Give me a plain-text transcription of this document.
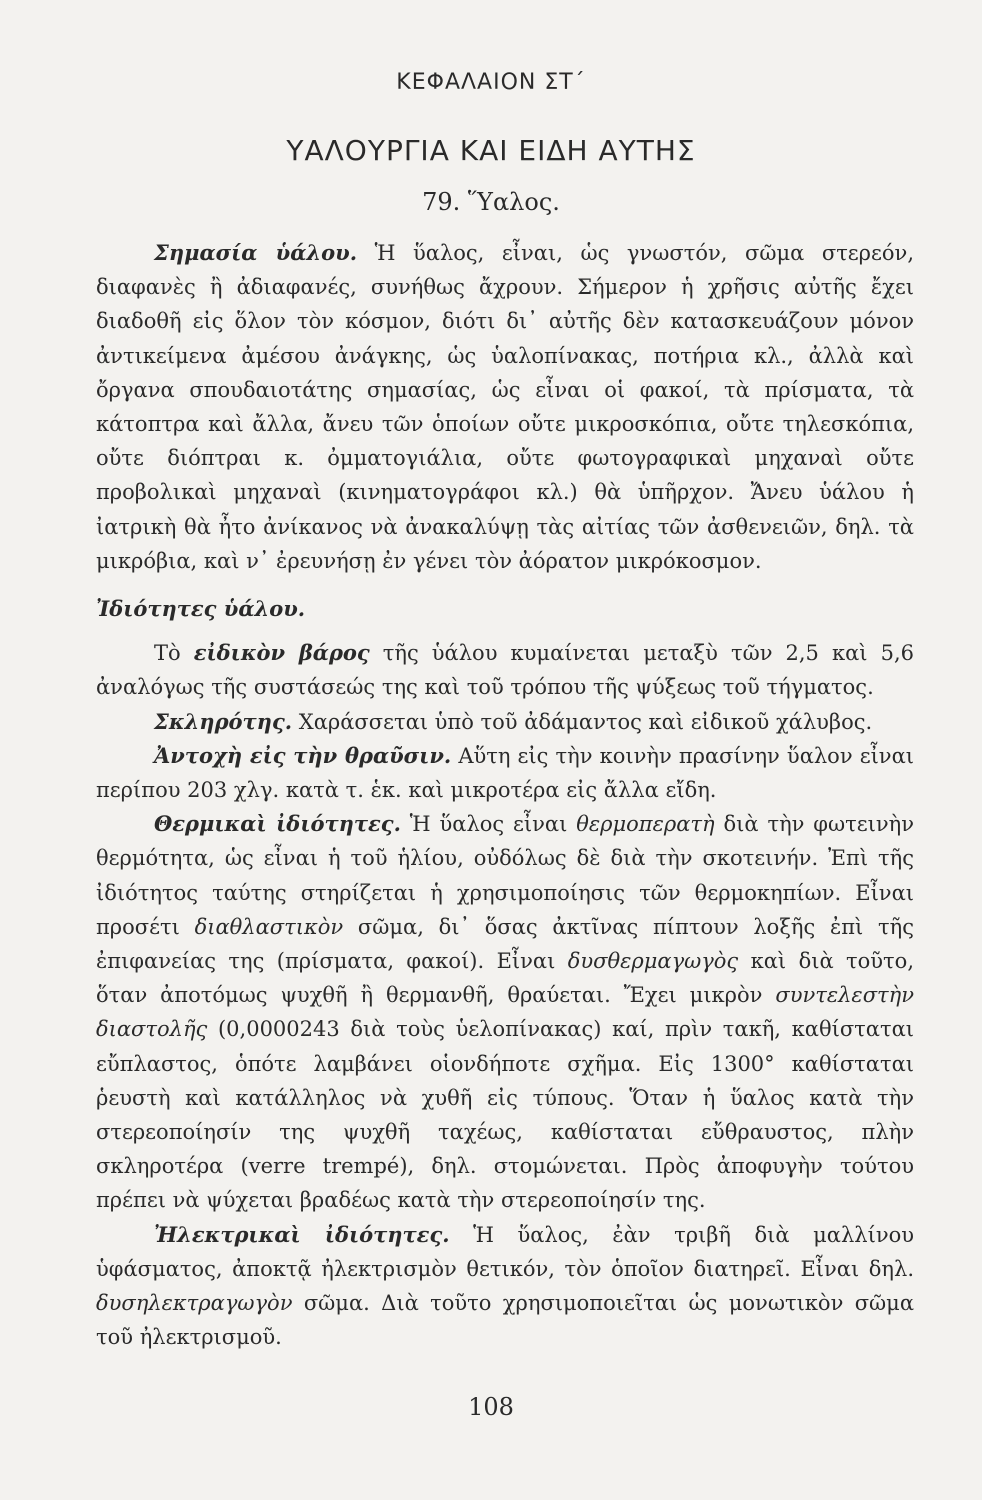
ΚΕΦΑΛΑΙΟΝ ΣΤ΄
ΥΑΛΟΥΡΓΙΑ ΚΑΙ ΕΙΔΗ ΑΥΤΗΣ
79. Ὕαλος.

Σημασία ὑάλου. Ἡ ὕαλος, εἶναι, ὡς γνωστόν, σῶμα στερεόν, διαφανὲς ἢ ἀδιαφανές, συνήθως ἄχρουν. Σήμερον ἡ χρῆσις αὐτῆς ἔχει διαδοθῆ εἰς ὅλον τὸν κόσμον, διότι δι᾽ αὐτῆς δὲν κατασκευάζουν μόνον ἀντικείμενα ἀμέσου ἀνάγκης, ὡς ὑαλοπίνακας, ποτήρια κλ., ἀλλὰ καὶ ὄργανα σπουδαιοτάτης σημασίας, ὡς εἶναι οἱ φακοί, τὰ πρίσματα, τὰ κάτοπτρα καὶ ἄλλα, ἄνευ τῶν ὁποίων οὔτε μικροσκόπια, οὔτε τηλεσκόπια, οὔτε διόπτραι κ. ὀμματογιάλια, οὔτε φωτογραφικαὶ μηχαναὶ οὔτε προβολικαὶ μηχαναὶ (κινηματογράφοι κλ.) θὰ ὑπῆρχον. Ἄνευ ὑάλου ἡ ἰατρικὴ θὰ ἦτο ἀνίκανος νὰ ἀνακαλύψῃ τὰς αἰτίας τῶν ἀσθενειῶν, δηλ. τὰ μικρόβια, καὶ ν᾽ ἐρευνήσῃ ἐν γένει τὸν ἀόρατον μικρόκοσμον.

Ἰδιότητες ὑάλου.

Τὸ εἰδικὸν βάρος τῆς ὑάλου κυμαίνεται μεταξὺ τῶν 2,5 καὶ 5,6 ἀναλόγως τῆς συστάσεώς της καὶ τοῦ τρόπου τῆς ψύξεως τοῦ τήγματος.

Σκληρότης. Χαράσσεται ὑπὸ τοῦ ἀδάμαντος καὶ εἰδικοῦ χάλυβος.

Ἀντοχὴ εἰς τὴν θραῦσιν. Αὕτη εἰς τὴν κοινὴν πρασίνην ὕαλον εἶναι περίπου 203 χλγ. κατὰ τ. ἑκ. καὶ μικροτέρα εἰς ἄλλα εἴδη.

Θερμικαὶ ἰδιότητες. Ἡ ὕαλος εἶναι θερμοπερατὴ διὰ τὴν φωτεινὴν θερμότητα, ὡς εἶναι ἡ τοῦ ἡλίου, οὐδόλως δὲ διὰ τὴν σκοτεινήν. Ἐπὶ τῆς ἰδιότητος ταύτης στηρίζεται ἡ χρησιμοποίησις τῶν θερμοκηπίων. Εἶναι προσέτι διαθλαστικὸν σῶμα, δι᾽ ὅσας ἀκτῖνας πίπτουν λοξῆς ἐπὶ τῆς ἐπιφανείας της (πρίσματα, φακοί). Εἶναι δυσθερμαγωγὸς καὶ διὰ τοῦτο, ὅταν ἀποτόμως ψυχθῆ ἢ θερμανθῆ, θραύεται. Ἔχει μικρὸν συντελεστὴν διαστολῆς (0,0000243 διὰ τοὺς ὑελοπίνακας) καί, πρὶν τακῆ, καθίσταται εὔπλαστος, ὁπότε λαμβάνει οἱονδήποτε σχῆμα. Εἰς 1300° καθίσταται ῥευστὴ καὶ κατάλληλος νὰ χυθῆ εἰς τύπους. Ὅταν ἡ ὕαλος κατὰ τὴν στερεοποίησίν της ψυχθῆ ταχέως, καθίσταται εὔθραυστος, πλὴν σκληροτέρα (verre trempé), δηλ. στομώνεται. Πρὸς ἀποφυγὴν τούτου πρέπει νὰ ψύχεται βραδέως κατὰ τὴν στερεοποίησίν της.

Ἠλεκτρικαὶ ἰδιότητες. Ἡ ὕαλος, ἐὰν τριβῆ διὰ μαλλίνου ὑφάσματος, ἀποκτᾷ ἠλεκτρισμὸν θετικόν, τὸν ὁποῖον διατηρεῖ. Εἶναι δηλ. δυσηλεκτραγωγὸν σῶμα. Διὰ τοῦτο χρησιμοποιεῖται ὡς μονωτικὸν σῶμα τοῦ ἠλεκτρισμοῦ.

108
